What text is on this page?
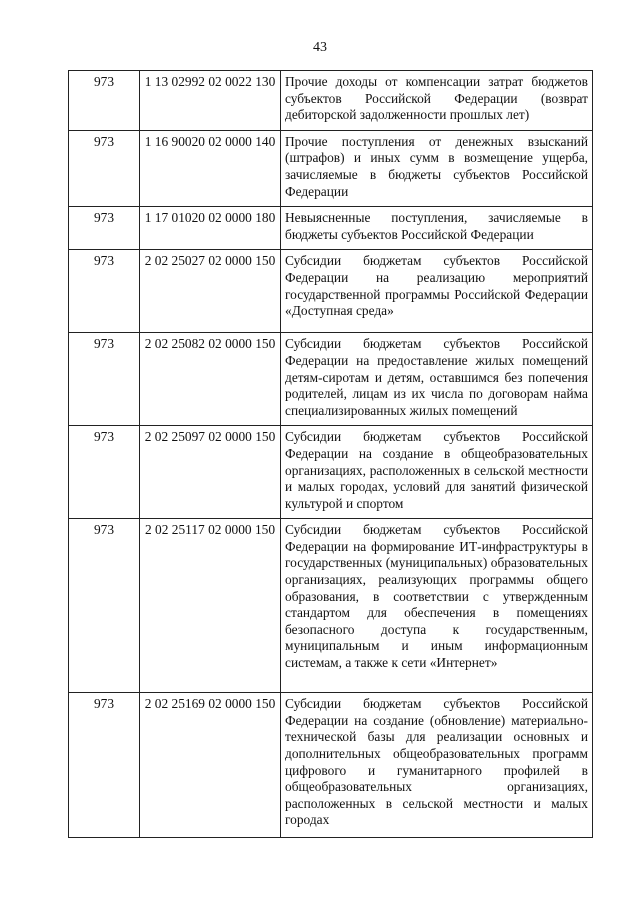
43
973	1 13 02992 02 0022 130	Прочие доходы от компенсации затрат бюджетов субъектов Российской Федерации (возврат дебиторской задолженности прошлых лет)
973	1 16 90020 02 0000 140	Прочие поступления от денежных взысканий (штрафов) и иных сумм в возмещение ущерба, зачисляемые в бюджеты субъектов Российской Федерации
973	1 17 01020 02 0000 180	Невыясненные поступления, зачисляемые в бюджеты субъектов Российской Федерации
973	2 02 25027 02 0000 150	Субсидии бюджетам субъектов Российской Федерации на реализацию мероприятий государственной программы Российской Федерации «Доступная среда»
973	2 02 25082 02 0000 150	Субсидии бюджетам субъектов Российской Федерации на предоставление жилых помещений детям-сиротам и детям, оставшимся без попечения родителей, лицам из их числа по договорам найма специализированных жилых помещений
973	2 02 25097 02 0000 150	Субсидии бюджетам субъектов Российской Федерации на создание в общеобразовательных организациях, расположенных в сельской местности и малых городах, условий для занятий физической культурой и спортом
973	2 02 25117 02 0000 150	Субсидии бюджетам субъектов Российской Федерации на формирование ИТ-инфраструктуры в государственных (муниципальных) образовательных организациях, реализующих программы общего образования, в соответствии с утвержденным стандартом для обеспечения в помещениях безопасного доступа к государственным, муниципальным и иным информационным системам, а также к сети «Интернет»
973	2 02 25169 02 0000 150	Субсидии бюджетам субъектов Российской Федерации на создание (обновление) материально-технической базы для реализации основных и дополнительных общеобразовательных программ цифрового и гуманитарного профилей в общеобразовательных организациях, расположенных в сельской местности и малых городах
